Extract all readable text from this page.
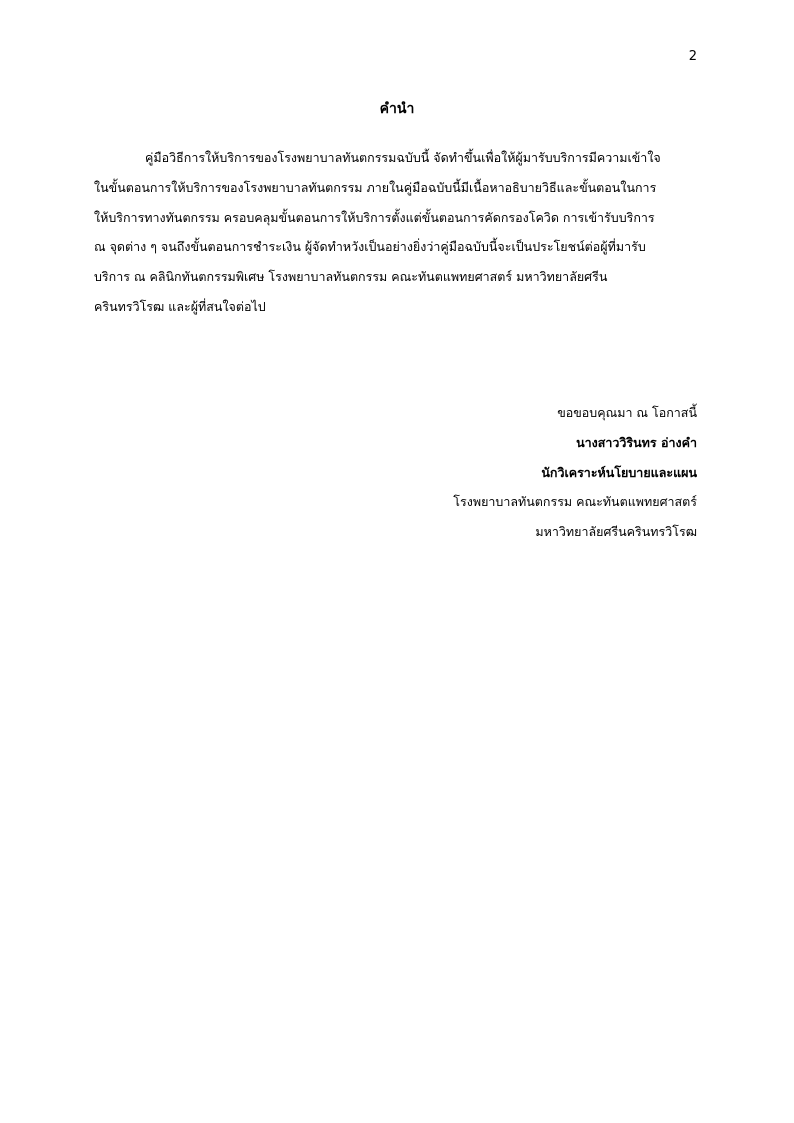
2
คำนำ
คู่มือวิธีการให้บริการของโรงพยาบาลทันตกรรมฉบับนี้ จัดทำขึ้นเพื่อให้ผู้มารับบริการมีความเข้าใจ
ในขั้นตอนการให้บริการของโรงพยาบาลทันตกรรม ภายในคู่มือฉบับนี้มีเนื้อหาอธิบายวิธีและขั้นตอนในการ
ให้บริการทางทันตกรรม ครอบคลุมขั้นตอนการให้บริการตั้งแต่ขั้นตอนการคัดกรองโควิด การเข้ารับบริการ
ณ จุดต่าง ๆ จนถึงขั้นตอนการชำระเงิน ผู้จัดทำหวังเป็นอย่างยิ่งว่าคู่มือฉบับนี้จะเป็นประโยชน์ต่อผู้ที่มารับ
บริการ ณ คลินิกทันตกรรมพิเศษ โรงพยาบาลทันตกรรม คณะทันตแพทยศาสตร์ มหาวิทยาลัยศรีน
ครินทรวิโรฒ และผู้ที่สนใจต่อไป
ขอขอบคุณมา ณ โอกาสนี้
นางสาววิรินทร อ่างคำ
นักวิเคราะห์นโยบายและแผน
โรงพยาบาลทันตกรรม คณะทันตแพทยศาสตร์
มหาวิทยาลัยศรีนครินทรวิโรฒ
